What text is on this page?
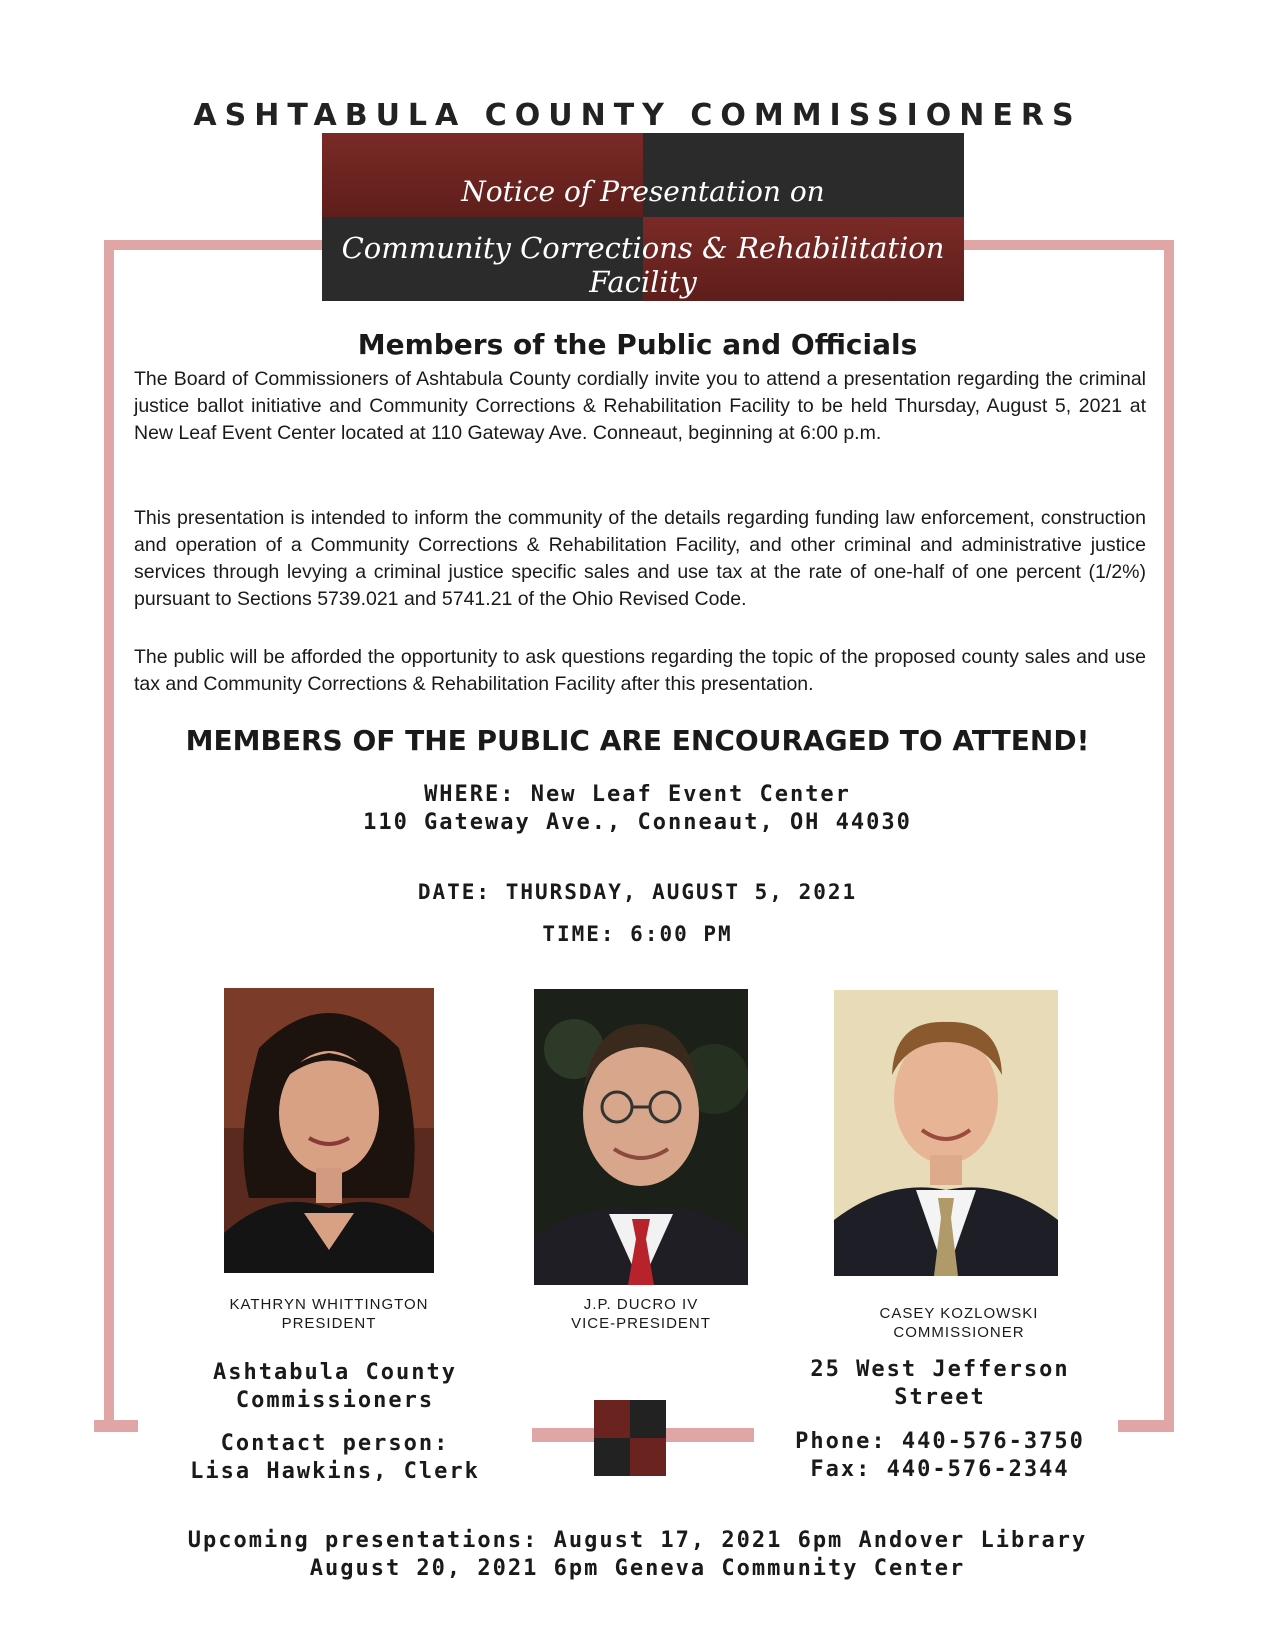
ASHTABULA COUNTY COMMISSIONERS
Notice of Presentation on
Community Corrections & Rehabilitation Facility
Members of the Public and Officials
The Board of Commissioners of Ashtabula County cordially invite you to attend a presentation regarding the criminal justice ballot initiative and Community Corrections & Rehabilitation Facility to be held Thursday, August 5, 2021 at New Leaf Event Center located at 110 Gateway Ave. Conneaut, beginning at 6:00 p.m.
This presentation is intended to inform the community of the details regarding funding law enforcement, construction and operation of a Community Corrections & Rehabilitation Facility, and other criminal and administrative justice services through levying a criminal justice specific sales and use tax at the rate of one-half of one percent (1/2%) pursuant to Sections 5739.021 and 5741.21 of the Ohio Revised Code.
The public will be afforded the opportunity to ask questions regarding the topic of the proposed county sales and use tax and Community Corrections & Rehabilitation Facility after this presentation.
MEMBERS OF THE PUBLIC ARE ENCOURAGED TO ATTEND!
WHERE: New Leaf Event Center
110 Gateway Ave., Conneaut, OH 44030
DATE: THURSDAY, AUGUST 5, 2021
TIME: 6:00 PM
KATHRYN WHITTINGTON
PRESIDENT
J.P. DUCRO IV
VICE-PRESIDENT
CASEY KOZLOWSKI
COMMISSIONER
Ashtabula County
Commissioners
Contact person:
Lisa Hawkins, Clerk
25 West Jefferson
Street
Phone: 440-576-3750
Fax: 440-576-2344
Upcoming presentations: August 17, 2021 6pm Andover Library
August 20, 2021 6pm Geneva Community Center
